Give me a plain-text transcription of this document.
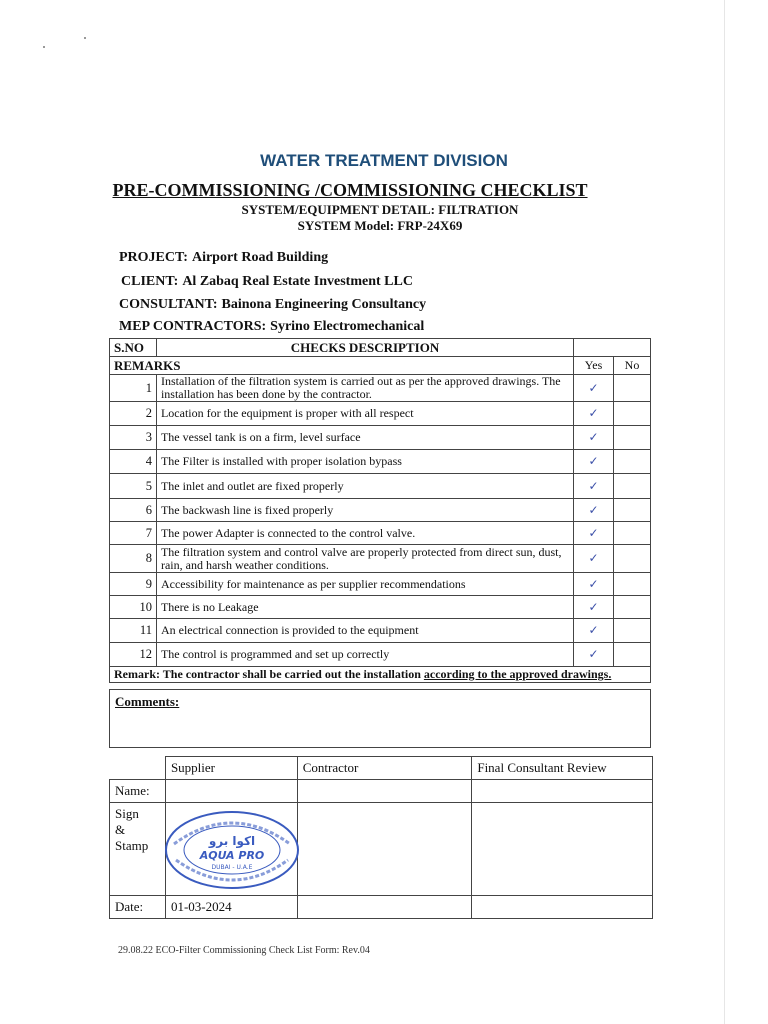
WATER TREATMENT DIVISION
PRE-COMMISSIONING /COMMISSIONING CHECKLIST
SYSTEM/EQUIPMENT DETAIL: FILTRATION
SYSTEM Model: FRP-24X69
PROJECT: Airport Road Building
CLIENT: Al Zabaq Real Estate Investment LLC
CONSULTANT: Bainona Engineering Consultancy
MEP CONTRACTORS: Syrino Electromechanical
S.NO	CHECKS DESCRIPTION		
REMARKS		Yes	No
1	Installation of the filtration system is carried out as per the approved drawings. The installation has been done by the contractor.	✓	
2	Location for the equipment is proper with all respect	✓	
3	The vessel tank is on a firm, level surface	✓	
4	The Filter is installed with proper isolation bypass	✓	
5	The inlet and outlet are fixed properly	✓	
6	The backwash line is fixed properly	✓	
7	The power Adapter is connected to the control valve.	✓	
8	The filtration system and control valve are properly protected from direct sun, dust, rain, and harsh weather conditions.	✓	
9	Accessibility for maintenance as per supplier recommendations	✓	
10	There is no Leakage	✓	
11	An electrical connection is provided to the equipment	✓	
12	The control is programmed and set up correctly	✓	
Remark: The contractor shall be carried out the installation according to the approved drawings.			
Comments:
	Supplier	Contractor	Final Consultant Review
Name:			
Sign
&
Stamp			
Date:	01-03-2024		
اكوا برو
AQUA PRO
DUBAI - U.A.E
29.08.22 ECO-Filter Commissioning Check List Form: Rev.04
